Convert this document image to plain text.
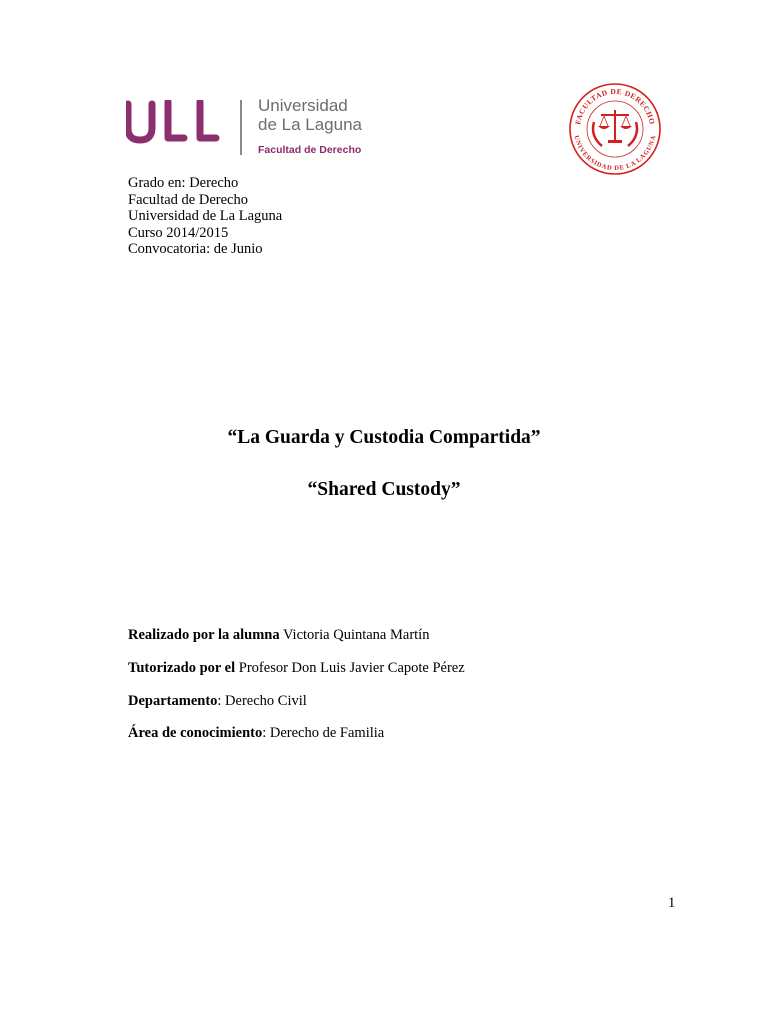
Universidad
de La Laguna
Facultad de Derecho
FACULTAD DE DERECHO
UNIVERSIDAD DE LA LAGUNA
Grado en: Derecho
Facultad de Derecho
Universidad de La Laguna
Curso 2014/2015
Convocatoria: de Junio
“La Guarda y Custodia Compartida”
“Shared Custody”
Realizado por la alumna Victoria Quintana Martín
Tutorizado por el Profesor Don Luis Javier Capote Pérez
Departamento: Derecho Civil
Área de conocimiento: Derecho de Familia
1
